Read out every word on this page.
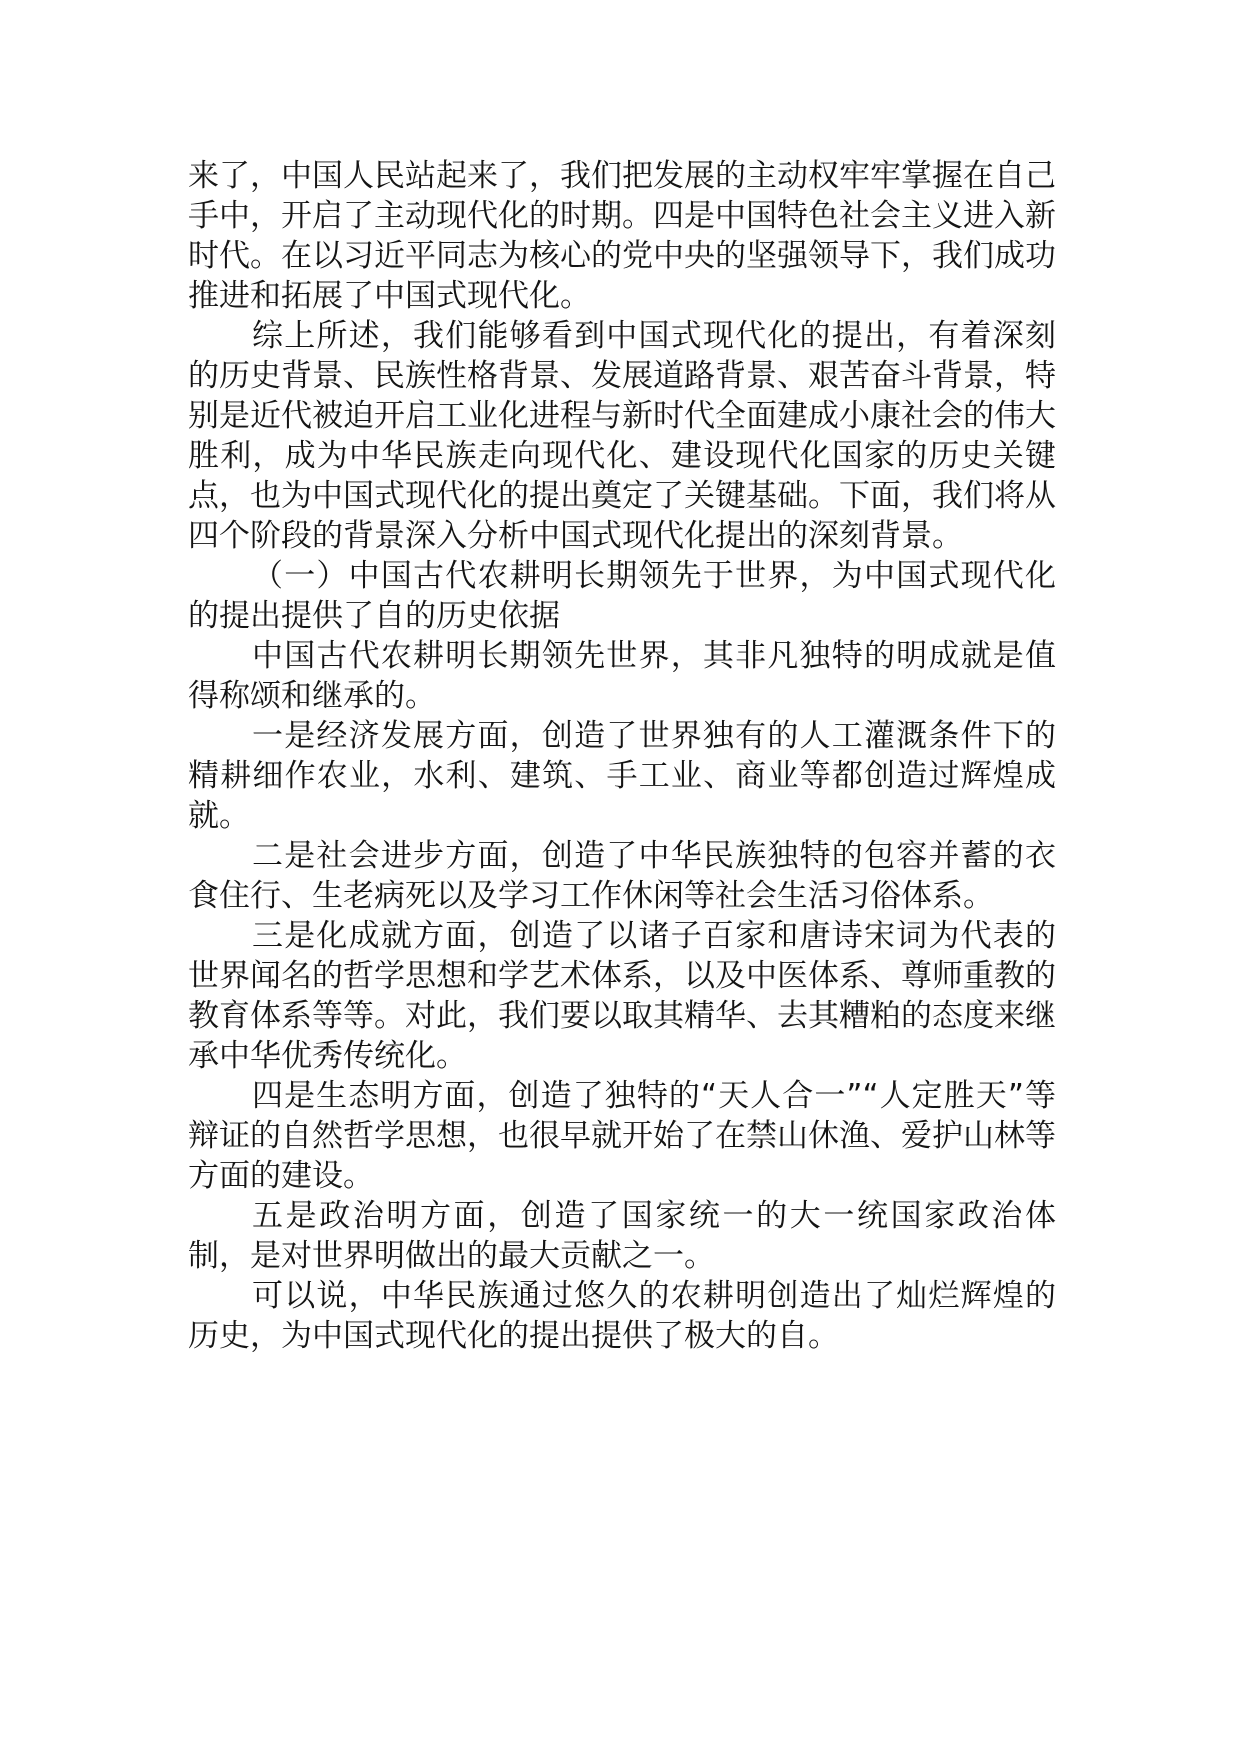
来了，中国人民站起来了，我们把发展的主动权牢牢掌握在自己手中，开启了主动现代化的时期。四是中国特色社会主义进入新时代。在以习近平同志为核心的党中央的坚强领导下，我们成功推进和拓展了中国式现代化。

综上所述，我们能够看到中国式现代化的提出，有着深刻的历史背景、民族性格背景、发展道路背景、艰苦奋斗背景，特别是近代被迫开启工业化进程与新时代全面建成小康社会的伟大胜利，成为中华民族走向现代化、建设现代化国家的历史关键点，也为中国式现代化的提出奠定了关键基础。下面，我们将从四个阶段的背景深入分析中国式现代化提出的深刻背景。

（一）中国古代农耕明长期领先于世界，为中国式现代化的提出提供了自的历史依据

中国古代农耕明长期领先世界，其非凡独特的明成就是值得称颂和继承的。

一是经济发展方面，创造了世界独有的人工灌溉条件下的精耕细作农业，水利、建筑、手工业、商业等都创造过辉煌成就。

二是社会进步方面，创造了中华民族独特的包容并蓄的衣食住行、生老病死以及学习工作休闲等社会生活习俗体系。

三是化成就方面，创造了以诸子百家和唐诗宋词为代表的世界闻名的哲学思想和学艺术体系，以及中医体系、尊师重教的教育体系等等。对此，我们要以取其精华、去其糟粕的态度来继承中华优秀传统化。

四是生态明方面，创造了独特的“天人合一”“人定胜天”等辩证的自然哲学思想，也很早就开始了在禁山休渔、爱护山林等方面的建设。

五是政治明方面，创造了国家统一的大一统国家政治体制，是对世界明做出的最大贡献之一。

可以说，中华民族通过悠久的农耕明创造出了灿烂辉煌的历史，为中国式现代化的提出提供了极大的自。
